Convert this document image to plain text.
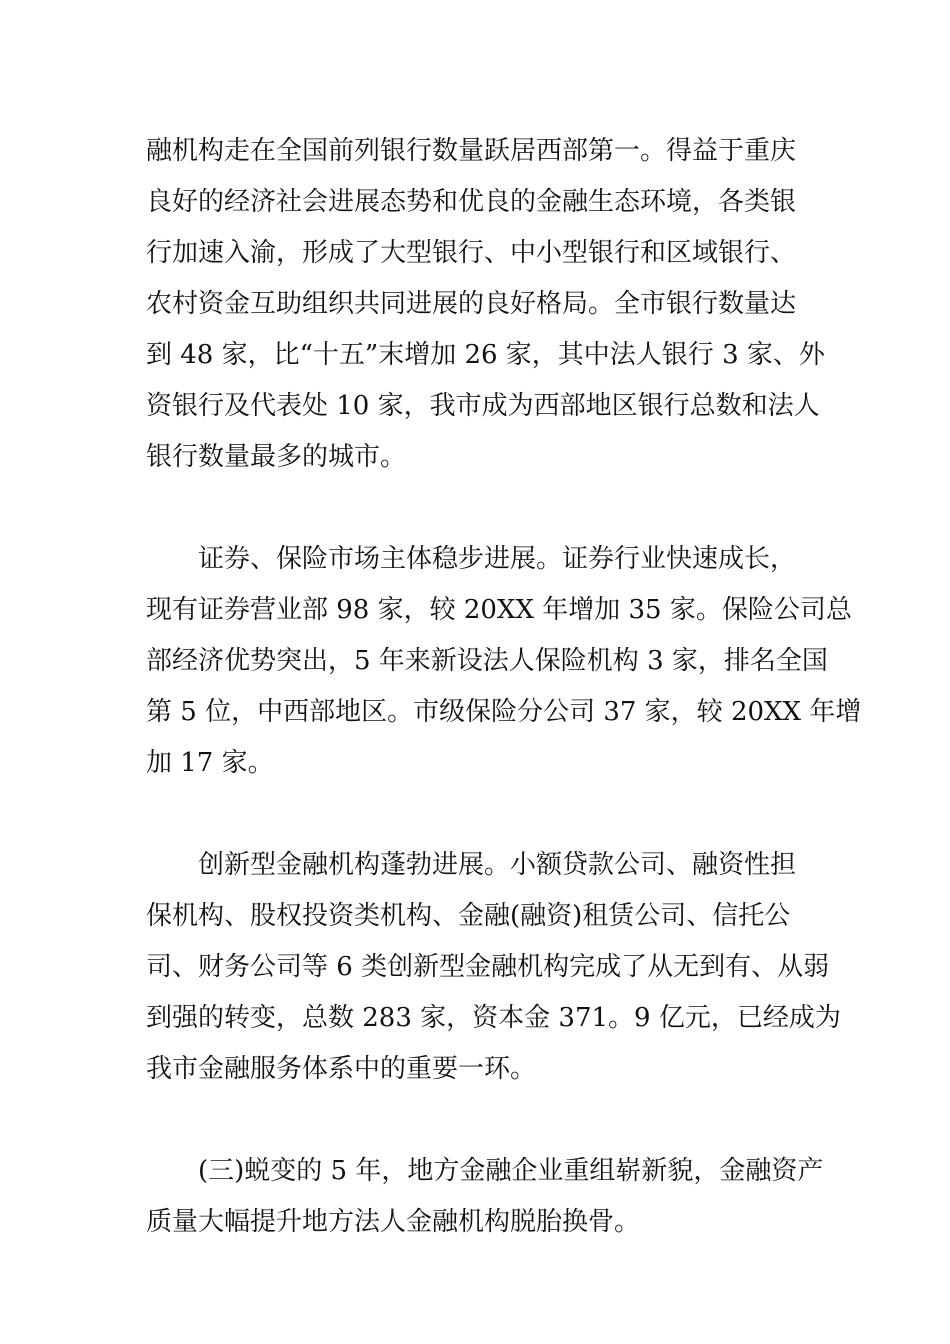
融机构走在全国前列银行数量跃居西部第一。得益于重庆
良好的经济社会进展态势和优良的金融生态环境，各类银
行加速入渝，形成了大型银行、中小型银行和区域银行、
农村资金互助组织共同进展的良好格局。全市银行数量达
到 48 家，比“十五”末增加 26 家，其中法人银行 3 家、外
资银行及代表处 10 家，我市成为西部地区银行总数和法人
银行数量最多的城市。
证券、保险市场主体稳步进展。证券行业快速成长，
现有证券营业部 98 家，较 20XX 年增加 35 家。保险公司总
部经济优势突出，5 年来新设法人保险机构 3 家，排名全国
第 5 位，中西部地区。市级保险分公司 37 家，较 20XX 年增
加 17 家。
创新型金融机构蓬勃进展。小额贷款公司、融资性担
保机构、股权投资类机构、金融(融资)租赁公司、信托公
司、财务公司等 6 类创新型金融机构完成了从无到有、从弱
到强的转变，总数 283 家，资本金 371。9 亿元，已经成为
我市金融服务体系中的重要一环。
(三)蜕变的 5 年，地方金融企业重组崭新貌，金融资产
质量大幅提升地方法人金融机构脱胎换骨。
